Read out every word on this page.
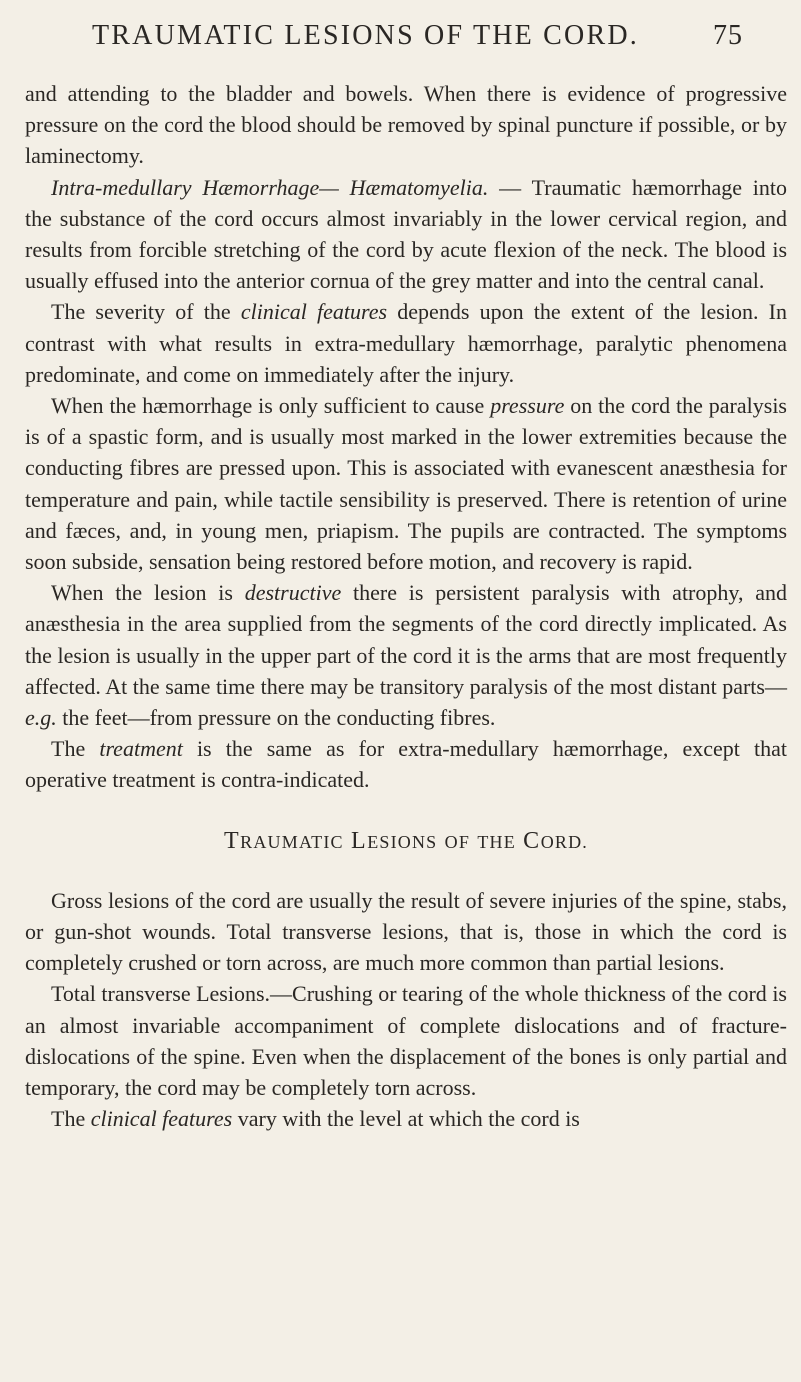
TRAUMATIC LESIONS OF THE CORD.	75

and attending to the bladder and bowels. When there is evidence of progressive pressure on the cord the blood should be removed by spinal puncture if possible, or by laminectomy.

Intra-medullary Hæmorrhage— Hæmatomyelia. — Traumatic hæmorrhage into the substance of the cord occurs almost invariably in the lower cervical region, and results from forcible stretching of the cord by acute flexion of the neck. The blood is usually effused into the anterior cornua of the grey matter and into the central canal.

The severity of the clinical features depends upon the extent of the lesion. In contrast with what results in extra-medullary hæmorrhage, paralytic phenomena predominate, and come on immediately after the injury.

When the hæmorrhage is only sufficient to cause pressure on the cord the paralysis is of a spastic form, and is usually most marked in the lower extremities because the conducting fibres are pressed upon. This is associated with evanescent anæsthesia for temperature and pain, while tactile sensibility is preserved. There is retention of urine and fæces, and, in young men, priapism. The pupils are contracted. The symptoms soon subside, sensation being restored before motion, and recovery is rapid.

When the lesion is destructive there is persistent paralysis with atrophy, and anæsthesia in the area supplied from the segments of the cord directly implicated. As the lesion is usually in the upper part of the cord it is the arms that are most frequently affected. At the same time there may be transitory paralysis of the most distant parts—e.g. the feet—from pressure on the conducting fibres.

The treatment is the same as for extra-medullary hæmorrhage, except that operative treatment is contra-indicated.

TRAUMATIC LESIONS OF THE CORD.

Gross lesions of the cord are usually the result of severe injuries of the spine, stabs, or gun-shot wounds. Total transverse lesions, that is, those in which the cord is completely crushed or torn across, are much more common than partial lesions.

Total transverse Lesions.—Crushing or tearing of the whole thickness of the cord is an almost invariable accompaniment of complete dislocations and of fracture-dislocations of the spine. Even when the displacement of the bones is only partial and temporary, the cord may be completely torn across.

The clinical features vary with the level at which the cord is
